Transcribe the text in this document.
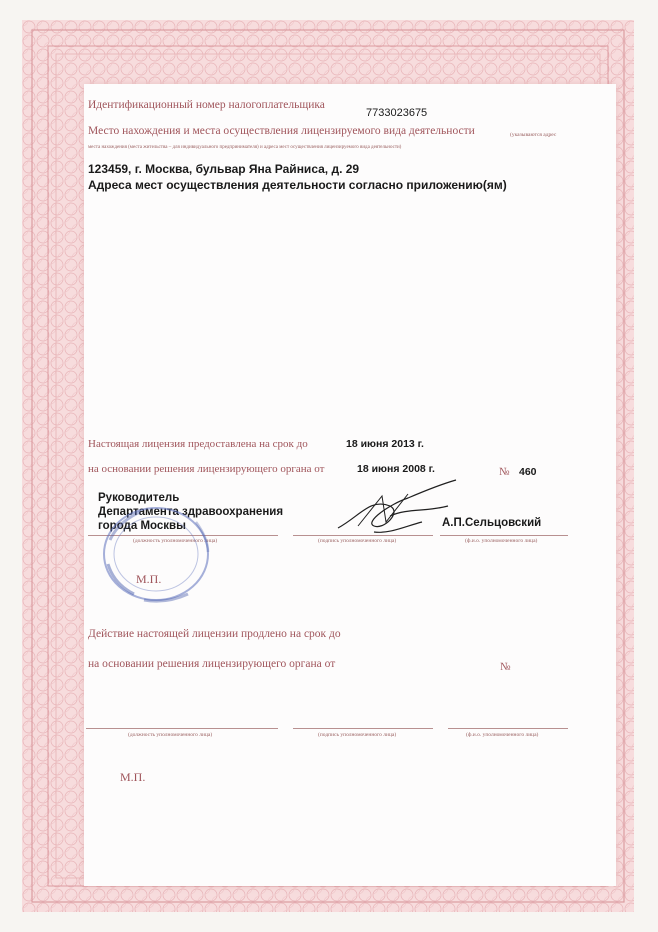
Идентификационный номер налогоплательщика
7733023675
Место нахождения и места осуществления лицензируемого вида деятельности	(указываются адрес
места нахождения (места жительства – для индивидуального предпринимателя) и адреса мест осуществления лицензируемого вида деятельности)
123459, г. Москва, бульвар Яна Райниса, д. 29
Адреса мест осуществления деятельности согласно приложению(ям)
Настоящая лицензия предоставлена на срок до	18 июня 2013 г.
на основании решения лицензирующего органа от	18 июня 2008 г.	№ 460
Руководитель
Департамента здравоохранения
города Москвы	А.П.Сельцовский
(должность уполномоченного лица)	(подпись уполномоченного лица)	(ф.и.о. уполномоченного лица)
М.П.
Действие настоящей лицензии продлено на срок до
на основании решения лицензирующего органа от	№
(должность уполномоченного лица)	(подпись уполномоченного лица)	(ф.и.о. уполномоченного лица)
М.П.
